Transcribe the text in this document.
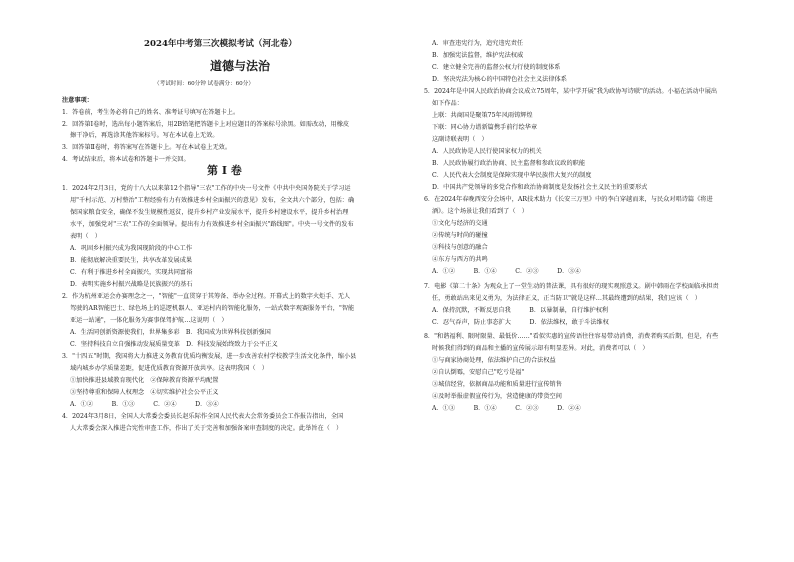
2024年中考第三次模拟考试（河北卷）
道德与法治
（考试时间：60分钟 试卷满分：60分）
注意事项：
1．答卷前，考生务必将自己的姓名、准考证号填写在答题卡上。
2．回答第Ⅰ卷时，选出每小题答案后，用2B铅笔把答题卡上对应题目的答案标号涂黑。如需改动，用橡皮
擦干净后，再选涂其他答案标号。写在本试卷上无效。
3．回答第Ⅱ卷时，将答案写在答题卡上。写在本试卷上无效。
4．考试结束后，将本试卷和答题卡一并交回。
第 Ⅰ 卷
1．2024年2月3日，党的十八大以来第12个指导"三农"工作的中央一号文件《中共中央国务院关于学习运
用"千村示范、万村整治"工程经验有力有效推进乡村全面振兴的意见》发布，全文共六个部分，包括：确
保国家粮食安全，确保不发生规模性返贫，提升乡村产业发展水平，提升乡村建设水平，提升乡村治理
水平，加强党对"三农"工作的全面领导。提出有力有效推进乡村全面振兴"路线图"。中央一号文件的发布
表明（　）
A．巩固乡村振兴成为我国现阶段的中心工作
B．能彻底解决重要民生，共享改革发展成果
C．有利于推进乡村全面振兴，实现共同富裕
D．表明实施乡村振兴战略是民族振兴的基石
2．作为杭州亚运会办赛理念之一，"智能"一直贯穿于其筹备、举办全过程。开幕式上的数字火炬手、无人
驾驶的AR智能巴士、绿色场上的巡逻机器人、亚运村内的智能化服务，一站式数字观赛服务平台，"智能
亚运一站通"，一体化服务为赛事保驾护航…这说明（　）
A．生活同创新资源使我们，世界集多彩　B．我国成为世界科技创新强国
C．坚持科技自立自强推动发展质量变革　D．科技发展始终致力于公平正义
3．"十四五"时期，我国将大力推进义务教育优质均衡发展，进一步改善农村学校教学生活文化条件，缩小县
域内城乡办学质量差距，促进优质教育资源开放共享。这表明我国（　）
①加快推进县域教育现代化　②保障教育资源平均配置
③坚持尊重和保障人权理念　④切实维护社会公平正义
A．①②　　　B．①③　　　C．②④　　　D．③④
4．2024年3月8日，全国人大常委会委员长赵乐际作全国人民代表大会常务委员会工作报告指出，全国
人大常委会深入推进合宪性审查工作，作出了关于完善和加强备案审查制度的决定。此举旨在（　）
A．审查违宪行为，追究违宪责任
B．加强宪法监督，维护宪法权威
C．建立健全完善的监督公权力行使的制度体系
D．坚决宪法为核心的中国特色社会主义法律体系
5．2024年是中国人民政治协商会议成立75周年，某中学开展"我为政协写诗联"的活动。小福在活动中展出
如下作品：
上联：共商国是聚策75年风雨铸辉煌
下联：同心协力谱新篇携手前行绘华章
这副诗联表明（　）
A．人民政协是人民行使国家权力的机关
B．人民政协履行政治协商、民主监督和参政议政的职能
C．人民代表大会制度是保障实现中华民族伟大复兴的制度
D．中国共产党领导的多党合作和政治协商制度是发扬社会主义民主的重要形式
6．在2024年春晚西安分会场中，AR技术助力《长安三万里》中的李白穿越而来，与民众对唱诗篇《将进
酒》。这个场景让我们看到了（　）
①文化与经济的交通
②传统与时尚的碰撞
③科技与创意的融合
④东方与西方的共鸣
A．①②　　　B．①④　　　C．②③　　　D．③④
7．电影《第二十条》为观众上了一堂生动的普法课，具有很好的现实观照意义。剧中韩雨在学校面临承担责
任，勇敢站出来见义勇为，为法律正义，正当防卫"就是这样…其最终遭到的结果，我们应该（　）
A．保持沉默，不断反思自我　　　B．以暴制暴，自行维护权利
C．忍气吞声，防止事态扩大　　　D．依法维权，敢于斗法维权
8．"和谐福利、限时限量、最低价……"看似实惠的宣传语往往容易带动消费，消费者购买后期，但是，有些
时候我们得到的商品和主播的宣传展示却有明显差异。对此，消费者可以（　）
①与商家协商处理，依法维护自己的合法权益
②自认倒霉，安慰自己"吃亏是福"
③城信经营，依据商品功能和质量进行宣传销售
④及时举报虚假宣传行为，营造健康的带货空间
A．①③　　　B．①④　　　C．②③　　　D．②④
